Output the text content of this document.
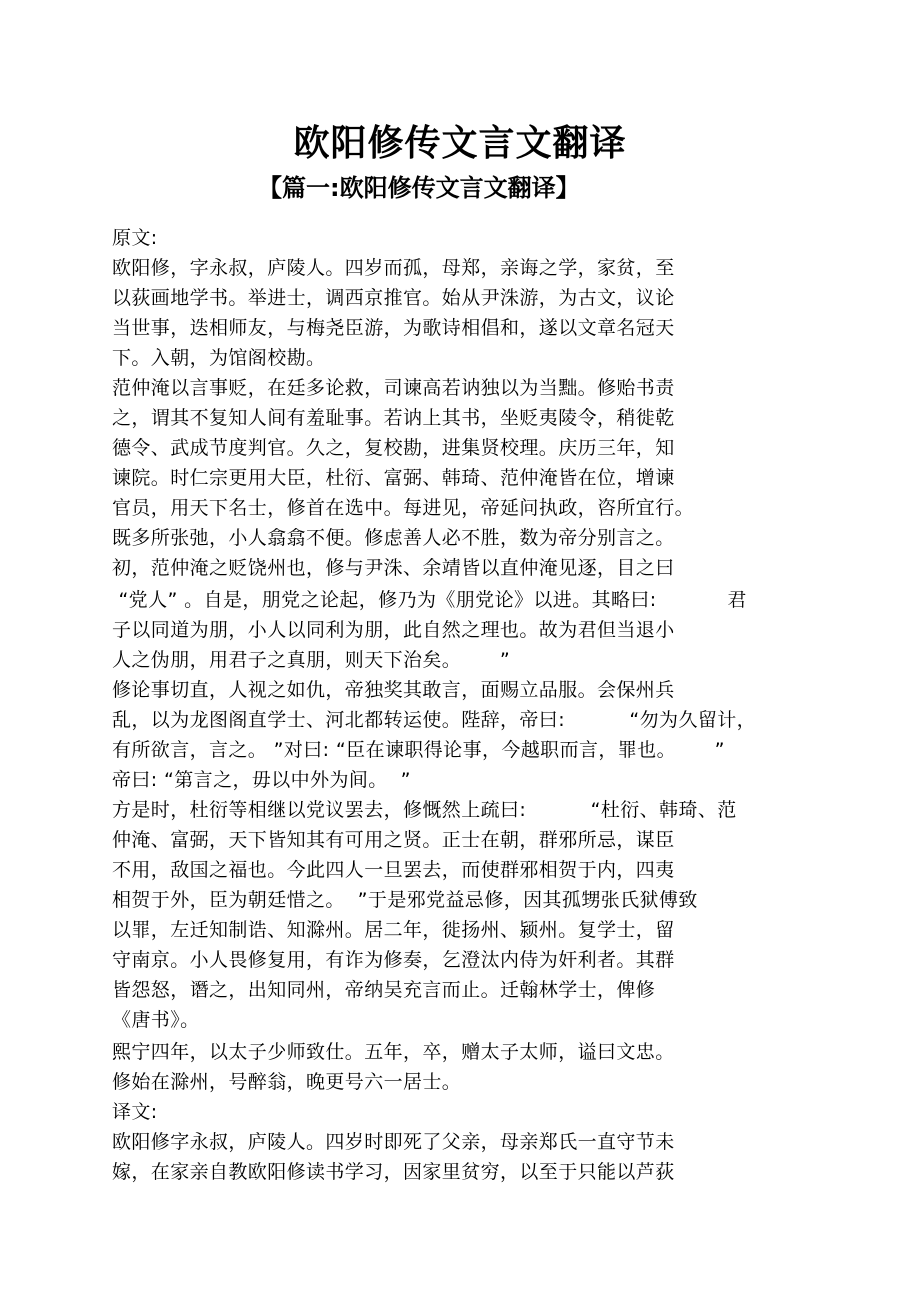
欧阳修传文言文翻译
【篇一:欧阳修传文言文翻译】
原文:
欧阳修，字永叔，庐陵人。四岁而孤，母郑，亲诲之学，家贫，至
以荻画地学书。举进士，调西京推官。始从尹洙游，为古文，议论
当世事，迭相师友，与梅尧臣游，为歌诗相倡和，遂以文章名冠天
下。入朝，为馆阁校勘。
范仲淹以言事贬，在廷多论救，司谏高若讷独以为当黜。修贻书责
之，谓其不复知人间有羞耻事。若讷上其书，坐贬夷陵令，稍徙乾
德令、武成节度判官。久之，复校勘，进集贤校理。庆历三年，知
谏院。时仁宗更用大臣，杜衍、富弼、韩琦、范仲淹皆在位，增谏
官员，用天下名士，修首在选中。每进见，帝延问执政，咨所宜行。
既多所张弛，小人翕翕不便。修虑善人必不胜，数为帝分别言之。
初，范仲淹之贬饶州也，修与尹洙、余靖皆以直仲淹见逐，目之曰
“党人” 。自是，朋党之论起，修乃为《朋党论》以进。其略曰:           君
子以同道为朋，小人以同利为朋，此自然之理也。故为君但当退小
人之伪朋，用君子之真朋，则天下治矣。      ”
修论事切直，人视之如仇，帝独奖其敢言，面赐立品服。会保州兵
乱，以为龙图阁直学士、河北都转运使。陛辞，帝曰:          “勿为久留计，
有所欲言，言之。 ”对曰: “臣在谏职得论事，今越职而言，罪也。      ”
帝曰: “第言之，毋以中外为间。  ”
方是时，杜衍等相继以党议罢去，修慨然上疏曰:          “杜衍、韩琦、范
仲淹、富弼，天下皆知其有可用之贤。正士在朝，群邪所忌，谋臣
不用，敌国之福也。今此四人一旦罢去，而使群邪相贺于内，四夷
相贺于外，臣为朝廷惜之。  ”于是邪党益忌修，因其孤甥张氏狱傅致
以罪，左迁知制诰、知滁州。居二年，徙扬州、颍州。复学士，留
守南京。小人畏修复用，有诈为修奏，乞澄汰内侍为奸利者。其群
皆怨怒，谮之，出知同州，帝纳吴充言而止。迁翰林学士，俾修
《唐书》。
熙宁四年，以太子少师致仕。五年，卒，赠太子太师，谥曰文忠。
修始在滁州，号醉翁，晚更号六一居士。
译文:
欧阳修字永叔，庐陵人。四岁时即死了父亲，母亲郑氏一直守节未
嫁，在家亲自教欧阳修读书学习，因家里贫穷，以至于只能以芦荻
